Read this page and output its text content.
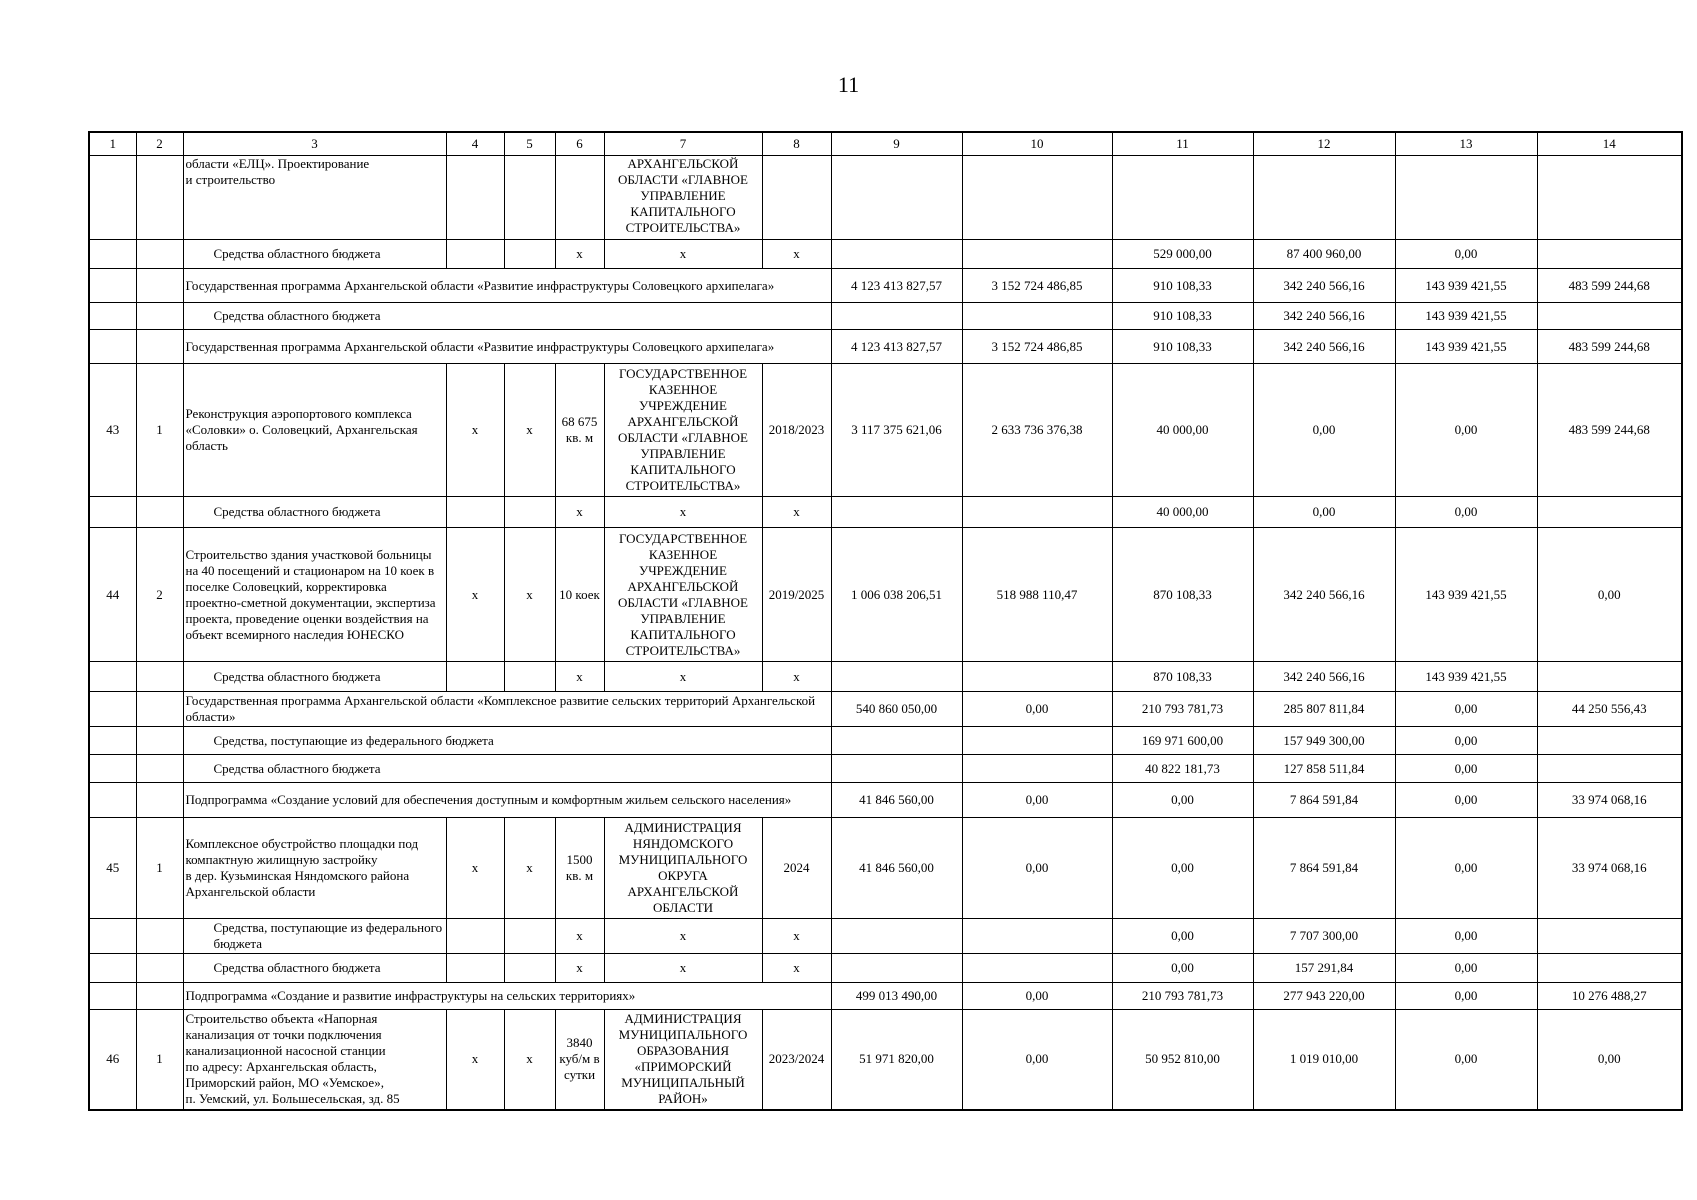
11
1	2	3	4	5	6	7	8	9	10	11	12	13	14
		области «ЕЛЦ». Проектирование
и строительство				АРХАНГЕЛЬСКОЙ ОБЛАСТИ «ГЛАВНОЕ УПРАВЛЕНИЕ КАПИТАЛЬНОГО СТРОИТЕЛЬСТВА»							
		Средства областного бюджета			х	х	х			529 000,00	87 400 960,00	0,00	
		Государственная программа Архангельской области «Развитие инфраструктуры Соловецкого архипелага»						4 123 413 827,57	3 152 724 486,85	910 108,33	342 240 566,16	143 939 421,55	483 599 244,68
		Средства областного бюджета								910 108,33	342 240 566,16	143 939 421,55	
		Государственная программа Архангельской области «Развитие инфраструктуры Соловецкого архипелага»						4 123 413 827,57	3 152 724 486,85	910 108,33	342 240 566,16	143 939 421,55	483 599 244,68
43	1	Реконструкция аэропортового комплекса «Соловки» о. Соловецкий, Архангельская область	х	х	68 675 кв. м	ГОСУДАРСТВЕННОЕ КАЗЕННОЕ УЧРЕЖДЕНИЕ АРХАНГЕЛЬСКОЙ ОБЛАСТИ «ГЛАВНОЕ УПРАВЛЕНИЕ КАПИТАЛЬНОГО СТРОИТЕЛЬСТВА»	2018/2023	3 117 375 621,06	2 633 736 376,38	40 000,00	0,00	0,00	483 599 244,68
		Средства областного бюджета			х	х	х			40 000,00	0,00	0,00	
44	2	Строительство здания участковой больницы на 40 посещений и стационаром на 10 коек в поселке Соловецкий, корректировка проектно-сметной документации, экспертиза проекта, проведение оценки воздействия на объект всемирного наследия ЮНЕСКО	х	х	10 коек	ГОСУДАРСТВЕННОЕ КАЗЕННОЕ УЧРЕЖДЕНИЕ АРХАНГЕЛЬСКОЙ ОБЛАСТИ «ГЛАВНОЕ УПРАВЛЕНИЕ КАПИТАЛЬНОГО СТРОИТЕЛЬСТВА»	2019/2025	1 006 038 206,51	518 988 110,47	870 108,33	342 240 566,16	143 939 421,55	0,00
		Средства областного бюджета			х	х	х			870 108,33	342 240 566,16	143 939 421,55	
		Государственная программа Архангельской области «Комплексное развитие сельских территорий Архангельской области»						540 860 050,00	0,00	210 793 781,73	285 807 811,84	0,00	44 250 556,43
		Средства, поступающие из федерального бюджета								169 971 600,00	157 949 300,00	0,00	
		Средства областного бюджета								40 822 181,73	127 858 511,84	0,00	
		Подпрограмма «Создание условий для обеспечения доступным и комфортным жильем сельского населения»						41 846 560,00	0,00	0,00	7 864 591,84	0,00	33 974 068,16
45	1	Комплексное обустройство площадки под компактную жилищную застройку
в дер. Кузьминская Няндомского района Архангельской области	х	х	1500 кв. м	АДМИНИСТРАЦИЯ НЯНДОМСКОГО МУНИЦИПАЛЬНОГО ОКРУГА АРХАНГЕЛЬСКОЙ ОБЛАСТИ	2024	41 846 560,00	0,00	0,00	7 864 591,84	0,00	33 974 068,16
		Средства, поступающие из федерального бюджета			х	х	х			0,00	7 707 300,00	0,00	
		Средства областного бюджета			х	х	х			0,00	157 291,84	0,00	
		Подпрограмма «Создание и развитие инфраструктуры на сельских территориях»						499 013 490,00	0,00	210 793 781,73	277 943 220,00	0,00	10 276 488,27
46	1	Строительство объекта «Напорная канализация от точки подключения канализационной насосной станции
по адресу: Архангельская область, Приморский район, МО «Уемское»,
п. Уемский, ул. Большесельская, зд. 85	х	х	3840 куб/м в сутки	АДМИНИСТРАЦИЯ МУНИЦИПАЛЬНОГО ОБРАЗОВАНИЯ «ПРИМОРСКИЙ МУНИЦИПАЛЬНЫЙ РАЙОН»	2023/2024	51 971 820,00	0,00	50 952 810,00	1 019 010,00	0,00	0,00
